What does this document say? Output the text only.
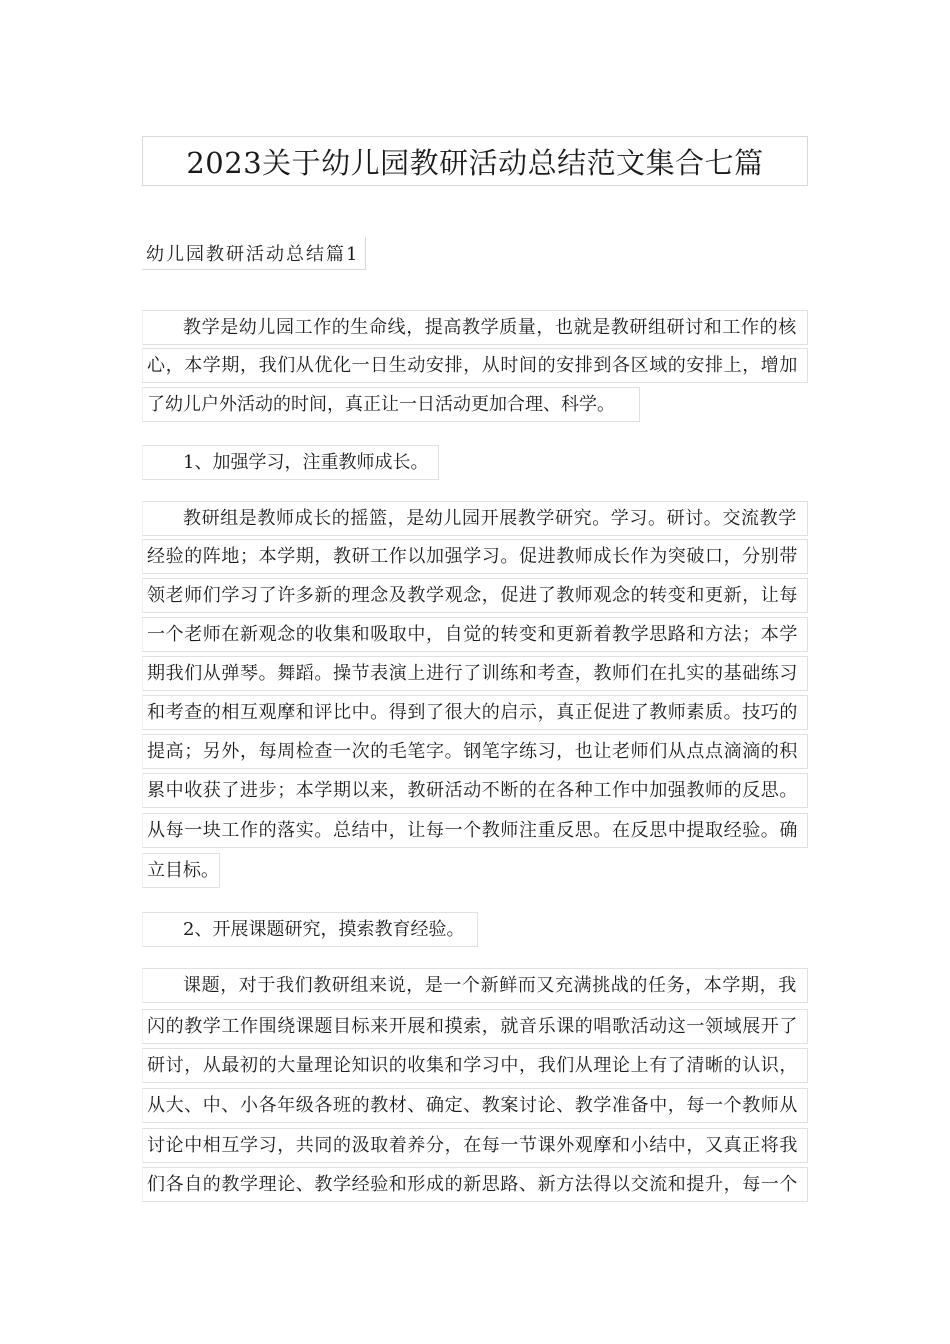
2023关于幼儿园教研活动总结范文集合七篇
幼儿园教研活动总结篇1
教学是幼儿园工作的生命线，提高教学质量，也就是教研组研讨和工作的核
心，本学期，我们从优化一日生动安排，从时间的安排到各区域的安排上，增加
了幼儿户外活动的时间，真正让一日活动更加合理、科学。
1、加强学习，注重教师成长。
教研组是教师成长的摇篮，是幼儿园开展教学研究。学习。研讨。交流教学
经验的阵地；本学期，教研工作以加强学习。促进教师成长作为突破口，分别带
领老师们学习了许多新的理念及教学观念，促进了教师观念的转变和更新，让每
一个老师在新观念的收集和吸取中，自觉的转变和更新着教学思路和方法；本学
期我们从弹琴。舞蹈。操节表演上进行了训练和考查，教师们在扎实的基础练习
和考查的相互观摩和评比中。得到了很大的启示，真正促进了教师素质。技巧的
提高；另外，每周检查一次的毛笔字。钢笔字练习，也让老师们从点点滴滴的积
累中收获了进步；本学期以来，教研活动不断的在各种工作中加强教师的反思。
从每一块工作的落实。总结中，让每一个教师注重反思。在反思中提取经验。确
立目标。
2、开展课题研究，摸索教育经验。
课题，对于我们教研组来说，是一个新鲜而又充满挑战的任务，本学期，我
闪的教学工作围绕课题目标来开展和摸索，就音乐课的唱歌活动这一领域展开了
研讨，从最初的大量理论知识的收集和学习中，我们从理论上有了清晰的认识，
从大、中、小各年级各班的教材、确定、教案讨论、教学准备中，每一个教师从
讨论中相互学习，共同的汲取着养分，在每一节课外观摩和小结中，又真正将我
们各自的教学理论、教学经验和形成的新思路、新方法得以交流和提升，每一个
